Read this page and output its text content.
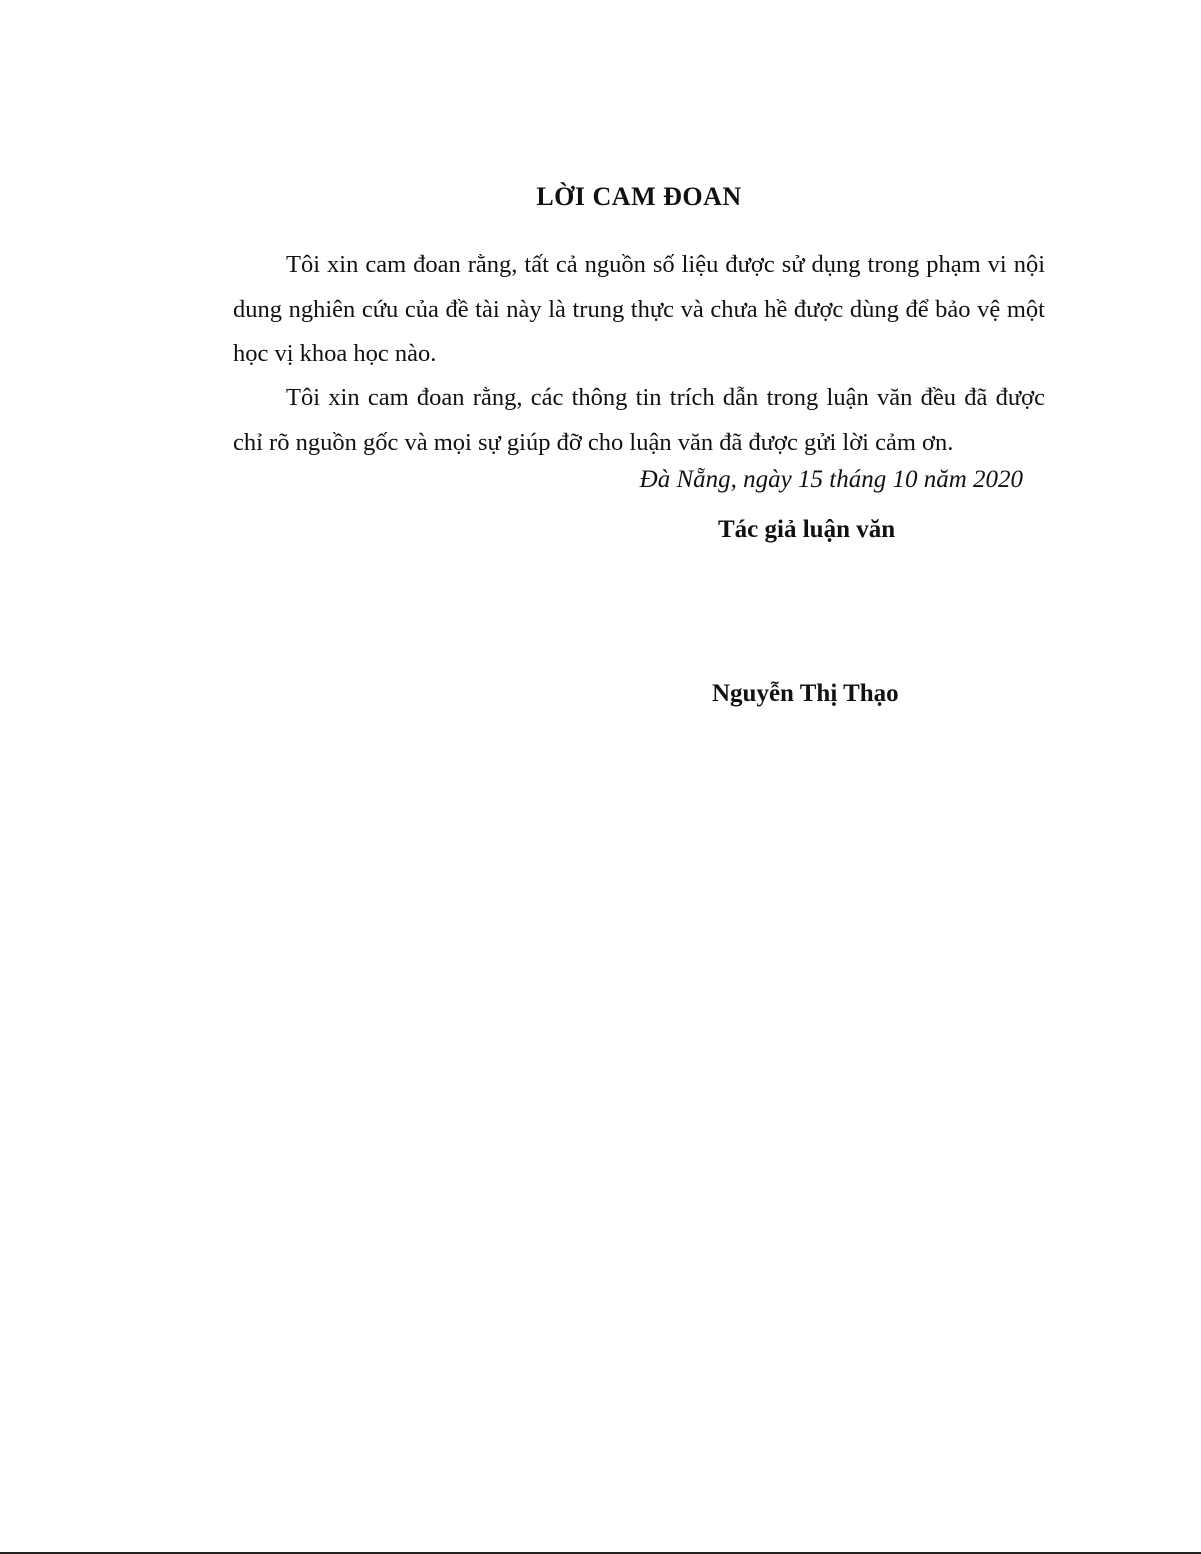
LỜI CAM ĐOAN

Tôi xin cam đoan rằng, tất cả nguồn số liệu được sử dụng trong phạm vi nội dung nghiên cứu của đề tài này là trung thực và chưa hề được dùng để bảo vệ một học vị khoa học nào.

Tôi xin cam đoan rằng, các thông tin trích dẫn trong luận văn đều đã được chỉ rõ nguồn gốc và mọi sự giúp đỡ cho luận văn đã được gửi lời cảm ơn.

Đà Nẵng, ngày 15 tháng 10 năm 2020
Tác giả luận văn
Nguyễn Thị Thạo
